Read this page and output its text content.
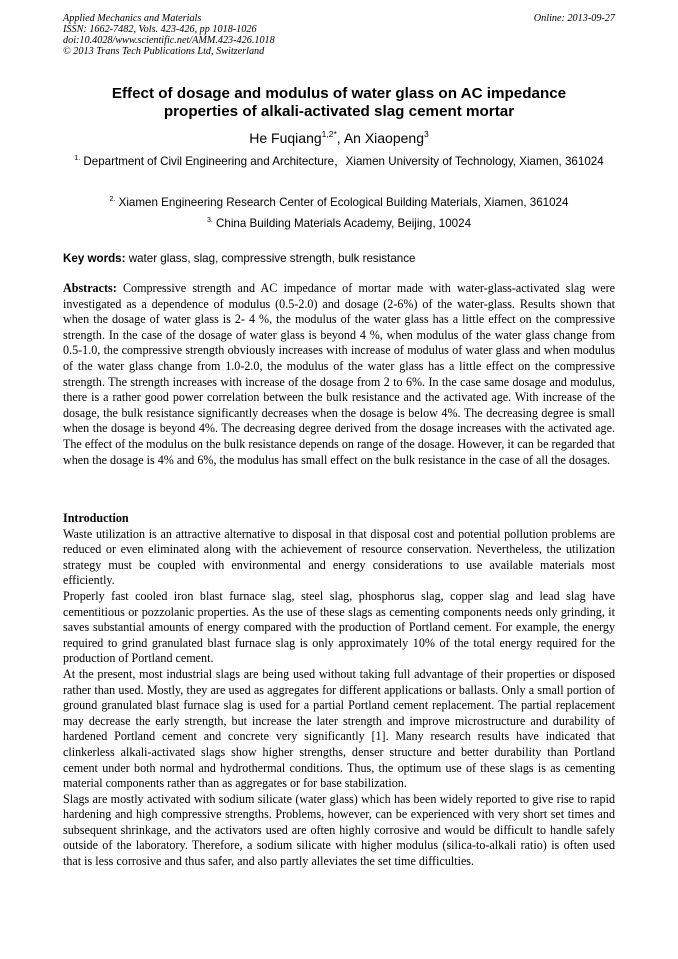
Applied Mechanics and Materials
ISSN: 1662-7482, Vols. 423-426, pp 1018-1026
doi:10.4028/www.scientific.net/AMM.423-426.1018
© 2013 Trans Tech Publications Ltd, Switzerland
Online: 2013-09-27
Effect of dosage and modulus of water glass on AC impedance
properties of alkali-activated slag cement mortar
He Fuqiang$^{1,2*}$, An Xiaopeng$^3$
$^{1.}$ Department of Civil Engineering and Architecture，Xiamen University of Technology, Xiamen, 361024
$^{2.}$ Xiamen Engineering Research Center of Ecological Building Materials, Xiamen, 361024
$^{3.}$ China Building Materials Academy, Beijing, 10024
Key words: water glass, slag, compressive strength, bulk resistance
Abstracts: Compressive strength and AC impedance of mortar made with water-glass-activated slag were investigated as a dependence of modulus (0.5-2.0) and dosage (2-6%) of the water-glass. Results shown that when the dosage of water glass is 2- 4 %, the modulus of the water glass has a little effect on the compressive strength. In the case of the dosage of water glass is beyond 4 %, when modulus of the water glass change from 0.5-1.0, the compressive strength obviously increases with increase of modulus of water glass and when modulus of the water glass change from 1.0-2.0, the modulus of the water glass has a little effect on the compressive strength. The strength increases with increase of the dosage from 2 to 6%. In the case same dosage and modulus, there is a rather good power correlation between the bulk resistance and the activated age. With increase of the dosage, the bulk resistance significantly decreases when the dosage is below 4%. The decreasing degree is small when the dosage is beyond 4%. The decreasing degree derived from the dosage increases with the activated age. The effect of the modulus on the bulk resistance depends on range of the dosage. However, it can be regarded that when the dosage is 4% and 6%, the modulus has small effect on the bulk resistance in the case of all the dosages.
Introduction

Waste utilization is an attractive alternative to disposal in that disposal cost and potential pollution problems are reduced or even eliminated along with the achievement of resource conservation. Nevertheless, the utilization strategy must be coupled with environmental and energy considerations to use available materials most efficiently.

Properly fast cooled iron blast furnace slag, steel slag, phosphorus slag, copper slag and lead slag have cementitious or pozzolanic properties. As the use of these slags as cementing components needs only grinding, it saves substantial amounts of energy compared with the production of Portland cement. For example, the energy required to grind granulated blast furnace slag is only approximately 10% of the total energy required for the production of Portland cement.

At the present, most industrial slags are being used without taking full advantage of their properties or disposed rather than used. Mostly, they are used as aggregates for different applications or ballasts. Only a small portion of ground granulated blast furnace slag is used for a partial Portland cement replacement. The partial replacement may decrease the early strength, but increase the later strength and improve microstructure and durability of hardened Portland cement and concrete very significantly [1]. Many research results have indicated that clinkerless alkali-activated slags show higher strengths, denser structure and better durability than Portland cement under both normal and hydrothermal conditions. Thus, the optimum use of these slags is as cementing material components rather than as aggregates or for base stabilization.

Slags are mostly activated with sodium silicate (water glass) which has been widely reported to give rise to rapid hardening and high compressive strengths. Problems, however, can be experienced with very short set times and subsequent shrinkage, and the activators used are often highly corrosive and would be difficult to handle safely outside of the laboratory. Therefore, a sodium silicate with higher modulus (silica-to-alkali ratio) is often used that is less corrosive and thus safer, and also partly alleviates the set time difficulties.
